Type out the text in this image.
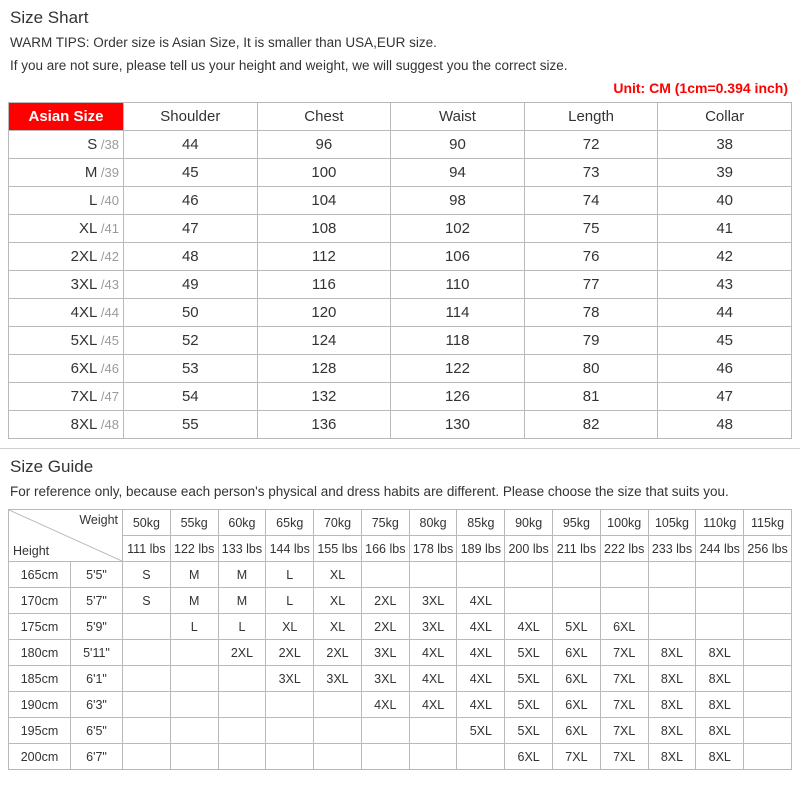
Size Shart
WARM TIPS: Order size is Asian Size, It is smaller than USA,EUR size.
If you are not sure, please tell us your height and weight, we will suggest you the correct size.
Unit: CM (1cm=0.394 inch)
Asian Size	Shoulder	Chest	Waist	Length	Collar
S /38	44	96	90	72	38
M /39	45	100	94	73	39
L /40	46	104	98	74	40
XL /41	47	108	102	75	41
2XL /42	48	112	106	76	42
3XL /43	49	116	110	77	43
4XL /44	50	120	114	78	44
5XL /45	52	124	118	79	45
6XL /46	53	128	122	80	46
7XL /47	54	132	126	81	47
8XL /48	55	136	130	82	48
Size Guide
For reference only, because each person's physical and dress habits are different. Please choose the size that suits you.
Weight
Height		50kg	55kg	60kg	65kg	70kg	75kg	80kg	85kg	90kg	95kg	100kg	105kg	110kg	115kg
		111 lbs	122 lbs	133 lbs	144 lbs	155 lbs	166 lbs	178 lbs	189 lbs	200 lbs	211 lbs	222 lbs	233 lbs	244 lbs	256 lbs
165cm	5'5"	S	M	M	L	XL									
170cm	5'7"	S	M	M	L	XL	2XL	3XL	4XL						
175cm	5'9"		L	L	XL	XL	2XL	3XL	4XL	4XL	5XL	6XL			
180cm	5'11"			2XL	2XL	2XL	3XL	4XL	4XL	5XL	6XL	7XL	8XL	8XL	
185cm	6'1"				3XL	3XL	3XL	4XL	4XL	5XL	6XL	7XL	8XL	8XL	
190cm	6'3"						4XL	4XL	4XL	5XL	6XL	7XL	8XL	8XL	
195cm	6'5"								5XL	5XL	6XL	7XL	8XL	8XL	
200cm	6'7"									6XL	7XL	7XL	8XL	8XL	
